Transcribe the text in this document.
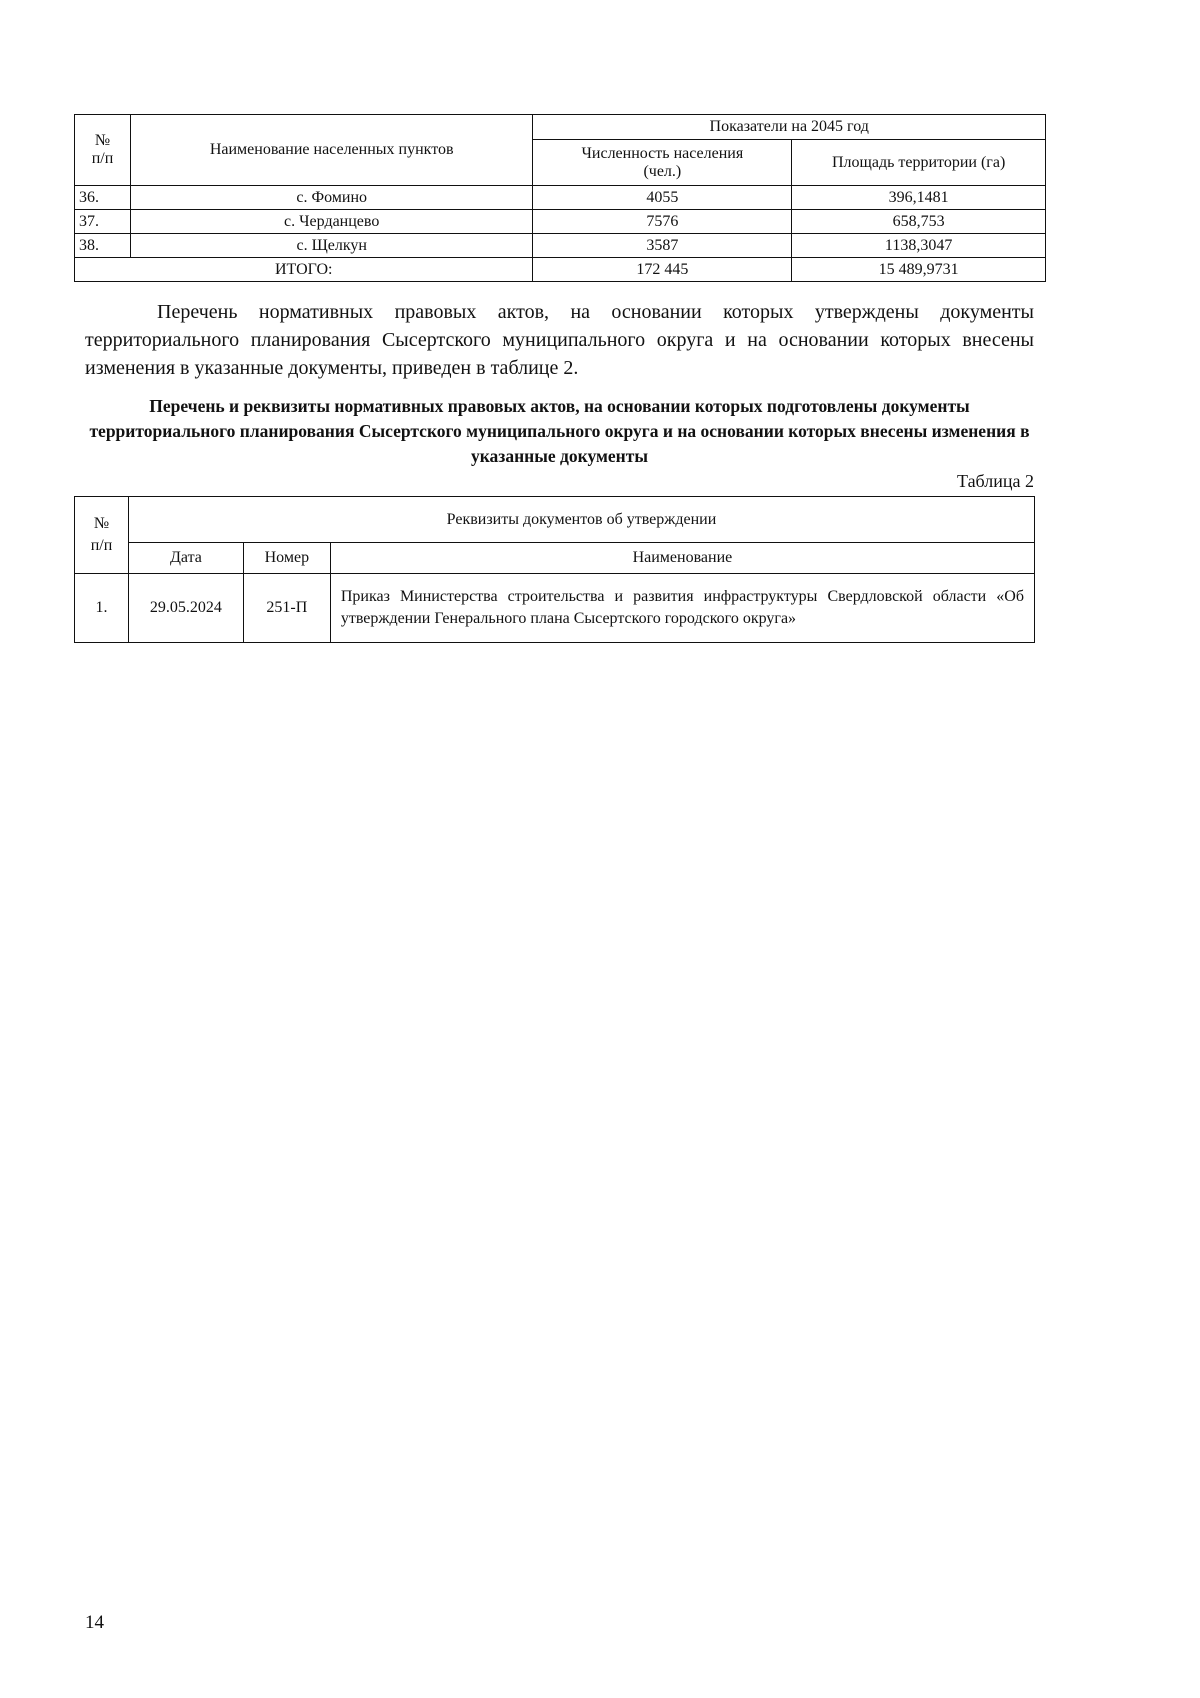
№
п/п	Наименование населенных пунктов	Показатели на 2045 год	
		Численность населения (чел.)	Площадь территории (га)
36.	с. Фомино	4055	396,1481
37.	с. Черданцево	7576	658,753
38.	с. Щелкун	3587	1138,3047
ИТОГО:		172 445	15 489,9731
Перечень нормативных правовых актов, на основании которых утверждены документы территориального планирования Сысертского муниципального округа и на основании которых внесены изменения в указанные документы, приведен в таблице 2.
Перечень и реквизиты нормативных правовых актов, на основании которых подготовлены документы территориального планирования Сысертского муниципального округа и на основании которых внесены изменения в указанные документы
Таблица 2
№
п/п	Реквизиты документов об утверждении		
	Дата	Номер	Наименование
1.	29.05.2024	251-П	Приказ Министерства строительства и развития инфраструктуры Свердловской области «Об утверждении Генерального плана Сысертского городского округа»
14
